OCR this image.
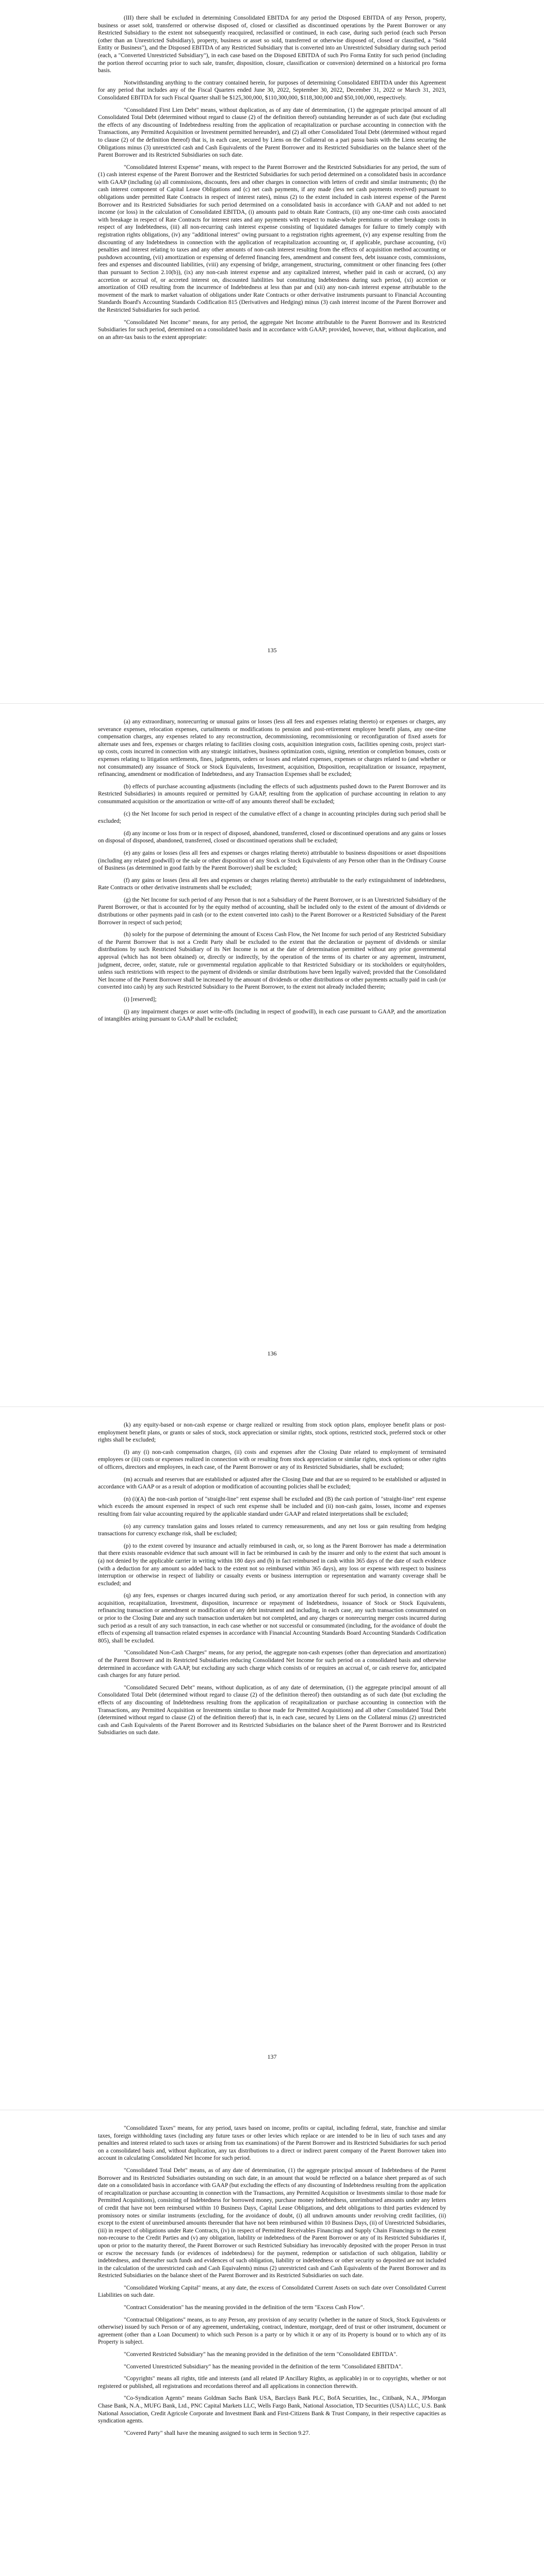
(III) there shall be excluded in determining Consolidated EBITDA for any period the Disposed EBITDA of any Person, property, business or asset sold, transferred or otherwise disposed of, closed or classified as discontinued operations by the Parent Borrower or any Restricted Subsidiary to the extent not subsequently reacquired, reclassified or continued, in each case, during such period (each such Person (other than an Unrestricted Subsidiary), property, business or asset so sold, transferred or otherwise disposed of, closed or classified, a "Sold Entity or Business"), and the Disposed EBITDA of any Restricted Subsidiary that is converted into an Unrestricted Subsidiary during such period (each, a "Converted Unrestricted Subsidiary"), in each case based on the Disposed EBITDA of such Pro Forma Entity for such period (including the portion thereof occurring prior to such sale, transfer, disposition, closure, classification or conversion) determined on a historical pro forma basis.

Notwithstanding anything to the contrary contained herein, for purposes of determining Consolidated EBITDA under this Agreement for any period that includes any of the Fiscal Quarters ended June 30, 2022, September 30, 2022, December 31, 2022 or March 31, 2023, Consolidated EBITDA for such Fiscal Quarter shall be $125,300,000, $110,300,000, $118,300,000 and $50,100,000, respectively.

"Consolidated First Lien Debt" means, without duplication, as of any date of determination, (1) the aggregate principal amount of all Consolidated Total Debt (determined without regard to clause (2) of the definition thereof) outstanding hereunder as of such date (but excluding the effects of any discounting of Indebtedness resulting from the application of recapitalization or purchase accounting in connection with the Transactions, any Permitted Acquisition or Investment permitted hereunder), and (2) all other Consolidated Total Debt (determined without regard to clause (2) of the definition thereof) that is, in each case, secured by Liens on the Collateral on a pari passu basis with the Liens securing the Obligations minus (3) unrestricted cash and Cash Equivalents of the Parent Borrower and its Restricted Subsidiaries on the balance sheet of the Parent Borrower and its Restricted Subsidiaries on such date.

"Consolidated Interest Expense" means, with respect to the Parent Borrower and the Restricted Subsidiaries for any period, the sum of (1) cash interest expense of the Parent Borrower and the Restricted Subsidiaries for such period determined on a consolidated basis in accordance with GAAP (including (a) all commissions, discounts, fees and other charges in connection with letters of credit and similar instruments; (b) the cash interest component of Capital Lease Obligations and (c) net cash payments, if any made (less net cash payments received) pursuant to obligations under permitted Rate Contracts in respect of interest rates), minus (2) to the extent included in cash interest expense of the Parent Borrower and its Restricted Subsidiaries for such period determined on a consolidated basis in accordance with GAAP and not added to net income (or loss) in the calculation of Consolidated EBITDA, (i) amounts paid to obtain Rate Contracts, (ii) any one-time cash costs associated with breakage in respect of Rate Contracts for interest rates and any payments with respect to make-whole premiums or other breakage costs in respect of any Indebtedness, (iii) all non-recurring cash interest expense consisting of liquidated damages for failure to timely comply with registration rights obligations, (iv) any "additional interest" owing pursuant to a registration rights agreement, (v) any expense resulting from the discounting of any Indebtedness in connection with the application of recapitalization accounting or, if applicable, purchase accounting, (vi) penalties and interest relating to taxes and any other amounts of non-cash interest resulting from the effects of acquisition method accounting or pushdown accounting, (vii) amortization or expensing of deferred financing fees, amendment and consent fees, debt issuance costs, commissions, fees and expenses and discounted liabilities, (viii) any expensing of bridge, arrangement, structuring, commitment or other financing fees (other than pursuant to Section 2.10(b)), (ix) any non-cash interest expense and any capitalized interest, whether paid in cash or accrued, (x) any accretion or accrual of, or accreted interest on, discounted liabilities but constituting Indebtedness during such period, (xi) accretion or amortization of OID resulting from the incurrence of Indebtedness at less than par and (xii) any non-cash interest expense attributable to the movement of the mark to market valuation of obligations under Rate Contracts or other derivative instruments pursuant to Financial Accounting Standards Board's Accounting Standards Codification 815 (Derivatives and Hedging) minus (3) cash interest income of the Parent Borrower and the Restricted Subsidiaries for such period.

"Consolidated Net Income" means, for any period, the aggregate Net Income attributable to the Parent Borrower and its Restricted Subsidiaries for such period, determined on a consolidated basis and in accordance with GAAP; provided, however, that, without duplication, and on an after-tax basis to the extent appropriate:

135

(a) any extraordinary, nonrecurring or unusual gains or losses (less all fees and expenses relating thereto) or expenses or charges, any severance expenses, relocation expenses, curtailments or modifications to pension and post-retirement employee benefit plans, any one-time compensation charges, any expenses related to any reconstruction, decommissioning, recommissioning or reconfiguration of fixed assets for alternate uses and fees, expenses or charges relating to facilities closing costs, acquisition integration costs, facilities opening costs, project start-up costs, costs incurred in connection with any strategic initiatives, business optimization costs, signing, retention or completion bonuses, costs or expenses relating to litigation settlements, fines, judgments, orders or losses and related expenses, expenses or charges related to (and whether or not consummated) any issuance of Stock or Stock Equivalents, Investment, acquisition, Disposition, recapitalization or issuance, repayment, refinancing, amendment or modification of Indebtedness, and any Transaction Expenses shall be excluded;

(b) effects of purchase accounting adjustments (including the effects of such adjustments pushed down to the Parent Borrower and its Restricted Subsidiaries) in amounts required or permitted by GAAP, resulting from the application of purchase accounting in relation to any consummated acquisition or the amortization or write-off of any amounts thereof shall be excluded;

(c) the Net Income for such period in respect of the cumulative effect of a change in accounting principles during such period shall be excluded;

(d) any income or loss from or in respect of disposed, abandoned, transferred, closed or discontinued operations and any gains or losses on disposal of disposed, abandoned, transferred, closed or discontinued operations shall be excluded;

(e) any gains or losses (less all fees and expenses or charges relating thereto) attributable to business dispositions or asset dispositions (including any related goodwill) or the sale or other disposition of any Stock or Stock Equivalents of any Person other than in the Ordinary Course of Business (as determined in good faith by the Parent Borrower) shall be excluded;

(f) any gains or losses (less all fees and expenses or charges relating thereto) attributable to the early extinguishment of indebtedness, Rate Contracts or other derivative instruments shall be excluded;

(g) the Net Income for such period of any Person that is not a Subsidiary of the Parent Borrower, or is an Unrestricted Subsidiary of the Parent Borrower, or that is accounted for by the equity method of accounting, shall be included only to the extent of the amount of dividends or distributions or other payments paid in cash (or to the extent converted into cash) to the Parent Borrower or a Restricted Subsidiary of the Parent Borrower in respect of such period;

(h) solely for the purpose of determining the amount of Excess Cash Flow, the Net Income for such period of any Restricted Subsidiary of the Parent Borrower that is not a Credit Party shall be excluded to the extent that the declaration or payment of dividends or similar distributions by such Restricted Subsidiary of its Net Income is not at the date of determination permitted without any prior governmental approval (which has not been obtained) or, directly or indirectly, by the operation of the terms of its charter or any agreement, instrument, judgment, decree, order, statute, rule or governmental regulation applicable to that Restricted Subsidiary or its stockholders or equityholders, unless such restrictions with respect to the payment of dividends or similar distributions have been legally waived; provided that the Consolidated Net Income of the Parent Borrower shall be increased by the amount of dividends or other distributions or other payments actually paid in cash (or converted into cash) by any such Restricted Subsidiary to the Parent Borrower, to the extent not already included therein;

(i) [reserved];

(j) any impairment charges or asset write-offs (including in respect of goodwill), in each case pursuant to GAAP, and the amortization of intangibles arising pursuant to GAAP shall be excluded;

136

(k) any equity-based or non-cash expense or charge realized or resulting from stock option plans, employee benefit plans or post-employment benefit plans, or grants or sales of stock, stock appreciation or similar rights, stock options, restricted stock, preferred stock or other rights shall be excluded;

(l) any (i) non-cash compensation charges, (ii) costs and expenses after the Closing Date related to employment of terminated employees or (iii) costs or expenses realized in connection with or resulting from stock appreciation or similar rights, stock options or other rights of officers, directors and employees, in each case, of the Parent Borrower or any of its Restricted Subsidiaries, shall be excluded;

(m) accruals and reserves that are established or adjusted after the Closing Date and that are so required to be established or adjusted in accordance with GAAP or as a result of adoption or modification of accounting policies shall be excluded;

(n) (i)(A) the non-cash portion of "straight-line" rent expense shall be excluded and (B) the cash portion of "straight-line" rent expense which exceeds the amount expensed in respect of such rent expense shall be included and (ii) non-cash gains, losses, income and expenses resulting from fair value accounting required by the applicable standard under GAAP and related interpretations shall be excluded;

(o) any currency translation gains and losses related to currency remeasurements, and any net loss or gain resulting from hedging transactions for currency exchange risk, shall be excluded;

(p) to the extent covered by insurance and actually reimbursed in cash, or, so long as the Parent Borrower has made a determination that there exists reasonable evidence that such amount will in fact be reimbursed in cash by the insurer and only to the extent that such amount is (a) not denied by the applicable carrier in writing within 180 days and (b) in fact reimbursed in cash within 365 days of the date of such evidence (with a deduction for any amount so added back to the extent not so reimbursed within 365 days), any loss or expense with respect to business interruption or otherwise in respect of liability or casualty events or business interruption or representation and warranty coverage shall be excluded; and

(q) any fees, expenses or charges incurred during such period, or any amortization thereof for such period, in connection with any acquisition, recapitalization, Investment, disposition, incurrence or repayment of Indebtedness, issuance of Stock or Stock Equivalents, refinancing transaction or amendment or modification of any debt instrument and including, in each case, any such transaction consummated on or prior to the Closing Date and any such transaction undertaken but not completed, and any charges or nonrecurring merger costs incurred during such period as a result of any such transaction, in each case whether or not successful or consummated (including, for the avoidance of doubt the effects of expensing all transaction related expenses in accordance with Financial Accounting Standards Board Accounting Standards Codification 805), shall be excluded.

"Consolidated Non-Cash Charges" means, for any period, the aggregate non-cash expenses (other than depreciation and amortization) of the Parent Borrower and its Restricted Subsidiaries reducing Consolidated Net Income for such period on a consolidated basis and otherwise determined in accordance with GAAP, but excluding any such charge which consists of or requires an accrual of, or cash reserve for, anticipated cash charges for any future period.

"Consolidated Secured Debt" means, without duplication, as of any date of determination, (1) the aggregate principal amount of all Consolidated Total Debt (determined without regard to clause (2) of the definition thereof) then outstanding as of such date (but excluding the effects of any discounting of Indebtedness resulting from the application of recapitalization or purchase accounting in connection with the Transactions, any Permitted Acquisition or Investments similar to those made for Permitted Acquisitions) and all other Consolidated Total Debt (determined without regard to clause (2) of the definition thereof) that is, in each case, secured by Liens on the Collateral minus (2) unrestricted cash and Cash Equivalents of the Parent Borrower and its Restricted Subsidiaries on the balance sheet of the Parent Borrower and its Restricted Subsidiaries on such date.

137

"Consolidated Taxes" means, for any period, taxes based on income, profits or capital, including federal, state, franchise and similar taxes, foreign withholding taxes (including any future taxes or other levies which replace or are intended to be in lieu of such taxes and any penalties and interest related to such taxes or arising from tax examinations) of the Parent Borrower and its Restricted Subsidiaries for such period on a consolidated basis and, without duplication, any tax distributions to a direct or indirect parent company of the Parent Borrower taken into account in calculating Consolidated Net Income for such period.

"Consolidated Total Debt" means, as of any date of determination, (1) the aggregate principal amount of Indebtedness of the Parent Borrower and its Restricted Subsidiaries outstanding on such date, in an amount that would be reflected on a balance sheet prepared as of such date on a consolidated basis in accordance with GAAP (but excluding the effects of any discounting of Indebtedness resulting from the application of recapitalization or purchase accounting in connection with the Transactions, any Permitted Acquisition or Investments similar to those made for Permitted Acquisitions), consisting of Indebtedness for borrowed money, purchase money indebtedness, unreimbursed amounts under any letters of credit that have not been reimbursed within 10 Business Days, Capital Lease Obligations, and debt obligations to third parties evidenced by promissory notes or similar instruments (excluding, for the avoidance of doubt, (i) all undrawn amounts under revolving credit facilities, (ii) except to the extent of unreimbursed amounts thereunder that have not been reimbursed within 10 Business Days, (ii) of Unrestricted Subsidiaries, (iii) in respect of obligations under Rate Contracts, (iv) in respect of Permitted Receivables Financings and Supply Chain Financings to the extent non-recourse to the Credit Parties and (v) any obligation, liability or indebtedness of the Parent Borrower or any of its Restricted Subsidiaries if, upon or prior to the maturity thereof, the Parent Borrower or such Restricted Subsidiary has irrevocably deposited with the proper Person in trust or escrow the necessary funds (or evidences of indebtedness) for the payment, redemption or satisfaction of such obligation, liability or indebtedness, and thereafter such funds and evidences of such obligation, liability or indebtedness or other security so deposited are not included in the calculation of the unrestricted cash and Cash Equivalents) minus (2) unrestricted cash and Cash Equivalents of the Parent Borrower and its Restricted Subsidiaries on the balance sheet of the Parent Borrower and its Restricted Subsidiaries on such date.

"Consolidated Working Capital" means, at any date, the excess of Consolidated Current Assets on such date over Consolidated Current Liabilities on such date.

"Contract Consideration" has the meaning provided in the definition of the term "Excess Cash Flow".

"Contractual Obligations" means, as to any Person, any provision of any security (whether in the nature of Stock, Stock Equivalents or otherwise) issued by such Person or of any agreement, undertaking, contract, indenture, mortgage, deed of trust or other instrument, document or agreement (other than a Loan Document) to which such Person is a party or by which it or any of its Property is bound or to which any of its Property is subject.

"Converted Restricted Subsidiary" has the meaning provided in the definition of the term "Consolidated EBITDA".

"Converted Unrestricted Subsidiary" has the meaning provided in the definition of the term "Consolidated EBITDA".

"Copyrights" means all rights, title and interests (and all related IP Ancillary Rights, as applicable) in or to copyrights, whether or not registered or published, all registrations and recordations thereof and all applications in connection therewith.

"Co-Syndication Agents" means Goldman Sachs Bank USA, Barclays Bank PLC, BofA Securities, Inc., Citibank, N.A., JPMorgan Chase Bank, N.A., MUFG Bank, Ltd., PNC Capital Markets LLC, Wells Fargo Bank, National Association, TD Securities (USA) LLC, U.S. Bank National Association, Credit Agricole Corporate and Investment Bank and First-Citizens Bank & Trust Company, in their respective capacities as syndication agents.

"Covered Party" shall have the meaning assigned to such term in Section 9.27.
